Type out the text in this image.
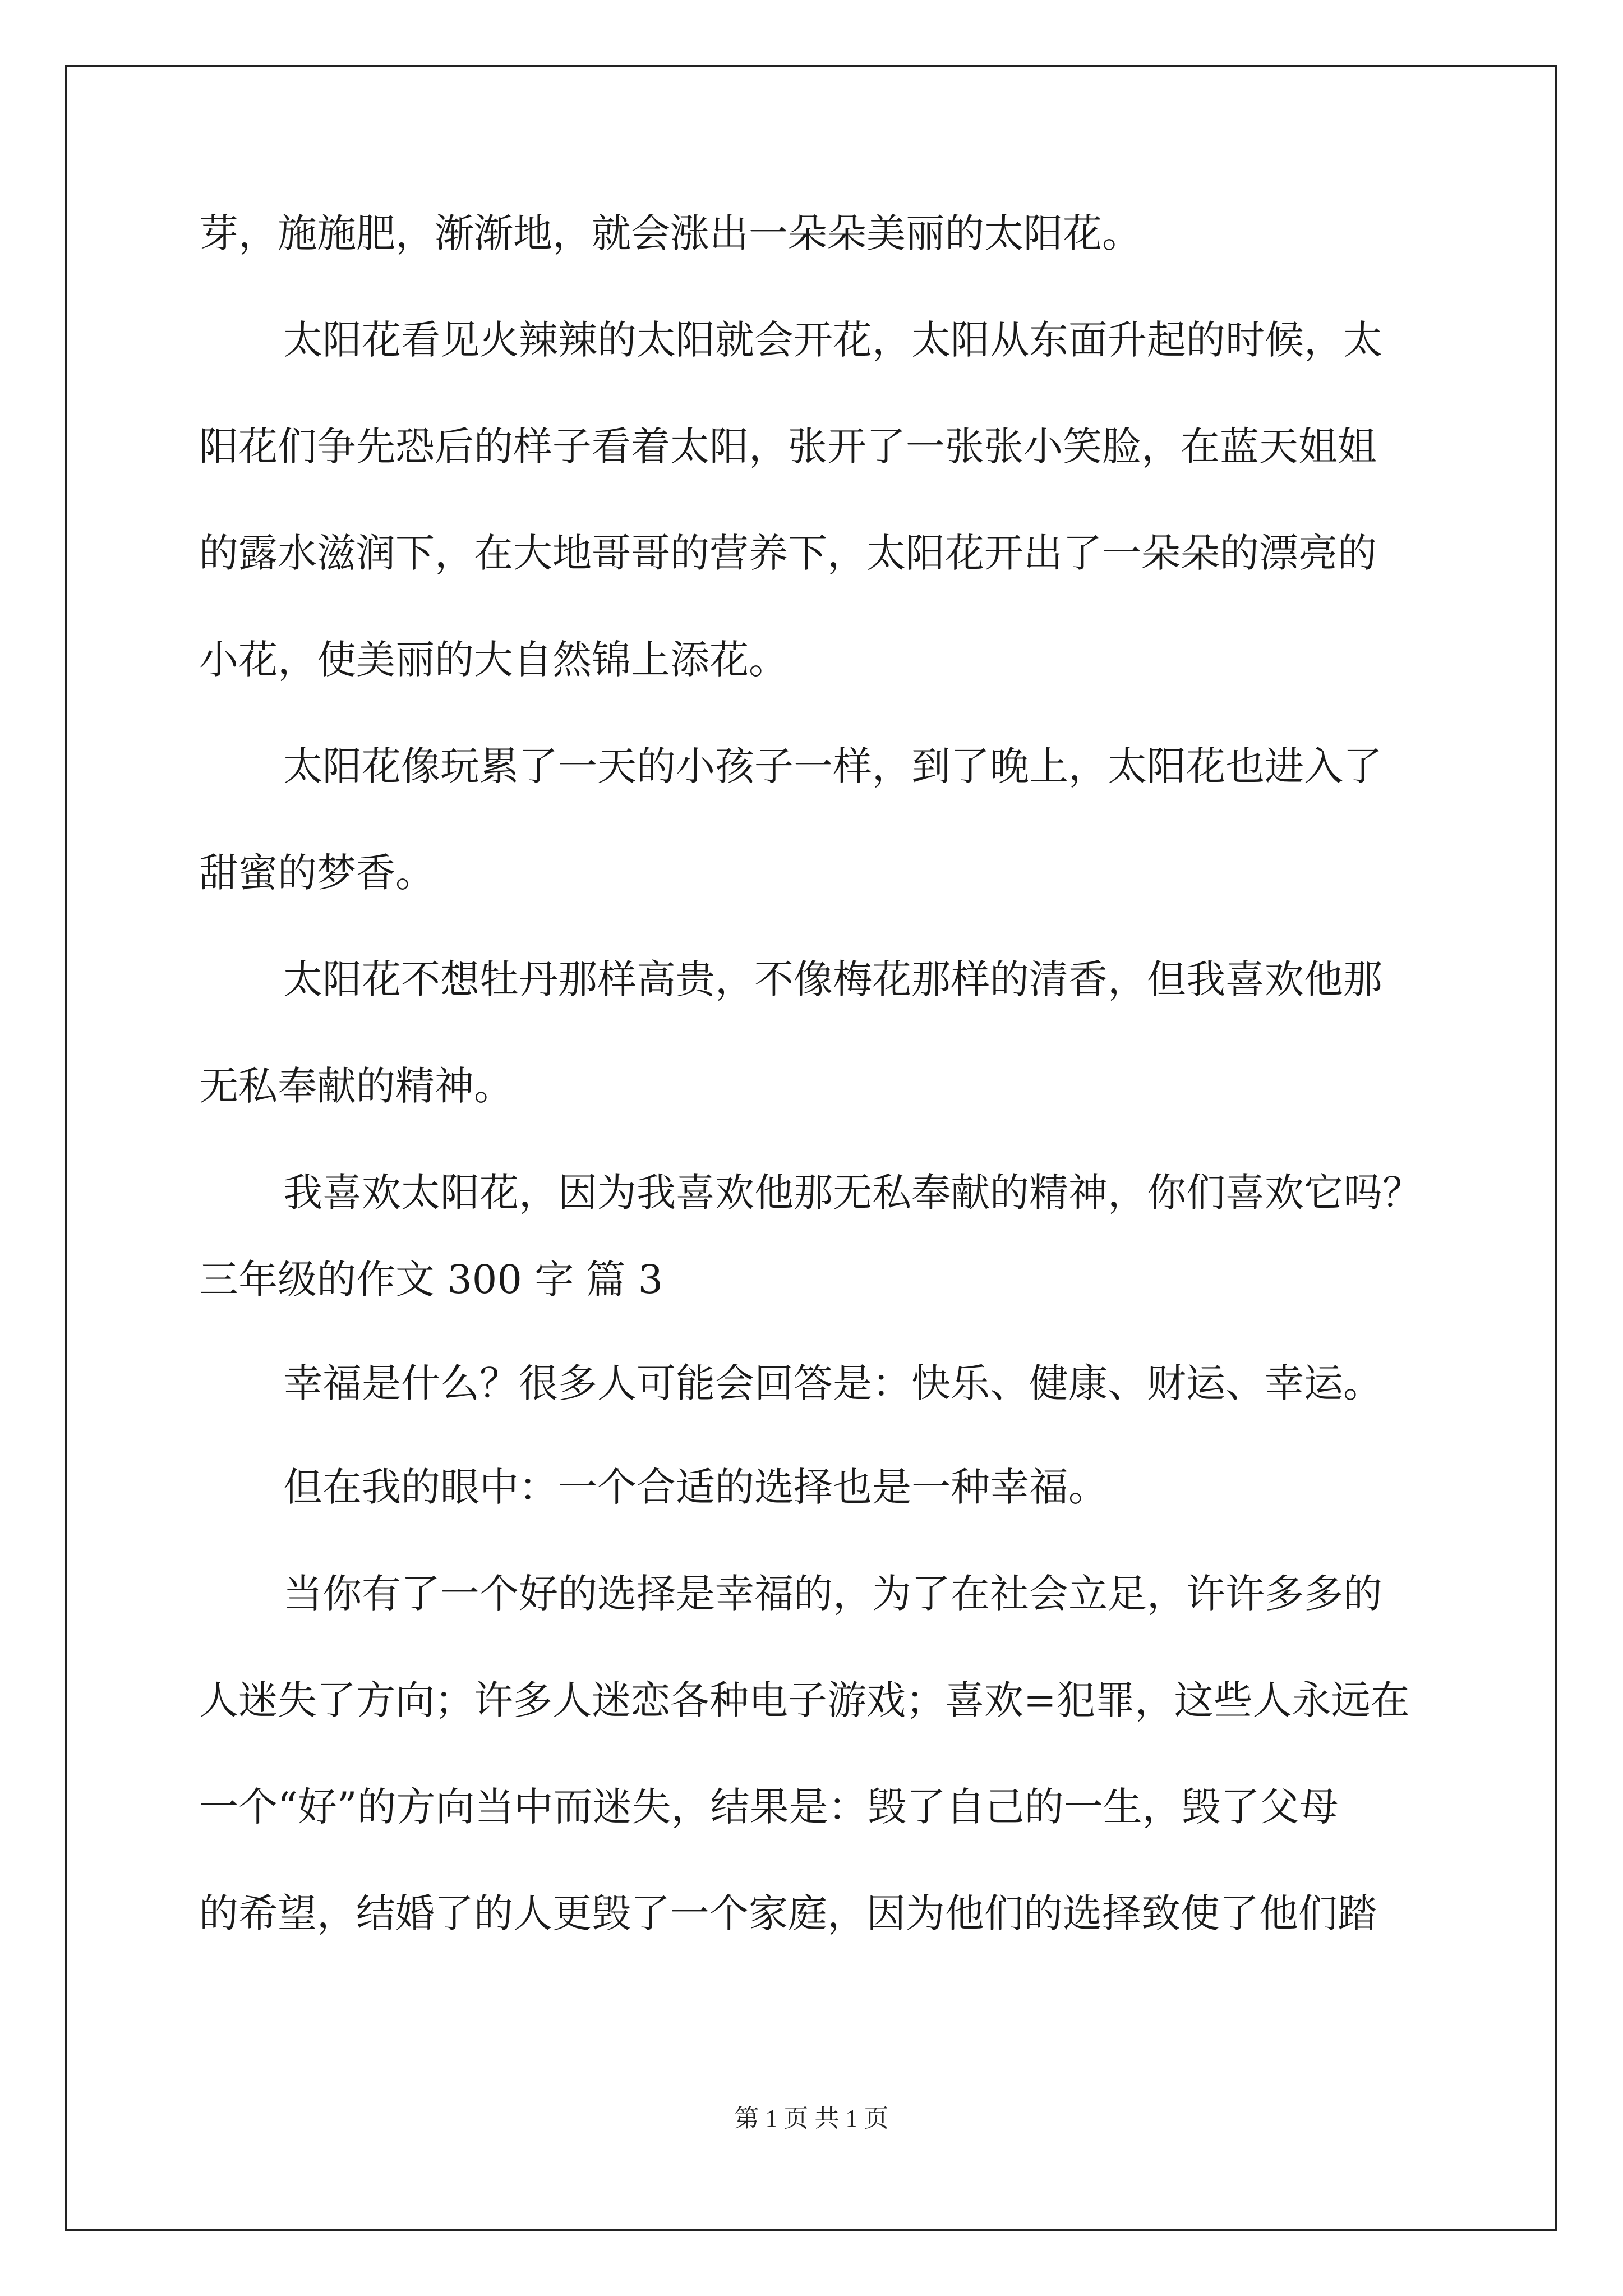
芽，施施肥，渐渐地，就会涨出一朵朵美丽的太阳花。
太阳花看见火辣辣的太阳就会开花，太阳从东面升起的时候，太
阳花们争先恐后的样子看着太阳，张开了一张张小笑脸，在蓝天姐姐
的露水滋润下，在大地哥哥的营养下，太阳花开出了一朵朵的漂亮的
小花，使美丽的大自然锦上添花。
太阳花像玩累了一天的小孩子一样，到了晚上，太阳花也进入了
甜蜜的梦香。
太阳花不想牡丹那样高贵，不像梅花那样的清香，但我喜欢他那
无私奉献的精神。
我喜欢太阳花，因为我喜欢他那无私奉献的精神，你们喜欢它吗？
三年级的作文 300 字 篇 3
幸福是什么？很多人可能会回答是：快乐、健康、财运、幸运。
但在我的眼中：一个合适的选择也是一种幸福。
当你有了一个好的选择是幸福的，为了在社会立足，许许多多的
人迷失了方向；许多人迷恋各种电子游戏；喜欢=犯罪，这些人永远在
一个“好”的方向当中而迷失，结果是：毁了自己的一生，毁了父母
的希望，结婚了的人更毁了一个家庭，因为他们的选择致使了他们踏
第 1 页 共 1 页
